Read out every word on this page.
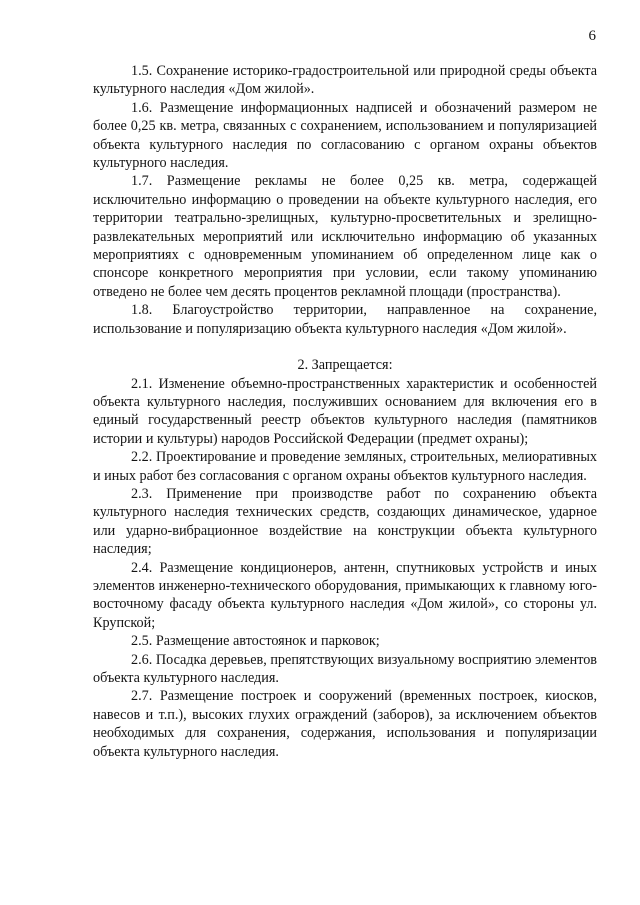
6

1.5. Сохранение историко-градостроительной или природной среды объекта культурного наследия «Дом жилой».

1.6. Размещение информационных надписей и обозначений размером не более 0,25 кв. метра, связанных с сохранением, использованием и популяризацией объекта культурного наследия по согласованию с органом охраны объектов культурного наследия.

1.7. Размещение рекламы не более 0,25 кв. метра, содержащей исключительно информацию о проведении на объекте культурного наследия, его территории театрально-зрелищных, культурно-просветительных и зрелищно-развлекательных мероприятий или исключительно информацию об указанных мероприятиях с одновременным упоминанием об определенном лице как о спонсоре конкретного мероприятия при условии, если такому упоминанию отведено не более чем десять процентов рекламной площади (пространства).

1.8. Благоустройство территории, направленное на сохранение, использование и популяризацию объекта культурного наследия «Дом жилой».

2. Запрещается:

2.1. Изменение объемно-пространственных характеристик и особенностей объекта культурного наследия, послуживших основанием для включения его в единый государственный реестр объектов культурного наследия (памятников истории и культуры) народов Российской Федерации (предмет охраны);

2.2. Проектирование и проведение земляных, строительных, мелиоративных и иных работ без согласования с органом охраны объектов культурного наследия.

2.3. Применение при производстве работ по сохранению объекта культурного наследия технических средств, создающих динамическое, ударное или ударно-вибрационное воздействие на конструкции объекта культурного наследия;

2.4. Размещение кондиционеров, антенн, спутниковых устройств и иных элементов инженерно-технического оборудования, примыкающих к главному юго-восточному фасаду объекта культурного наследия «Дом жилой», со стороны ул. Крупской;

2.5. Размещение автостоянок и парковок;

2.6. Посадка деревьев, препятствующих визуальному восприятию элементов объекта культурного наследия.

2.7. Размещение построек и сооружений (временных построек, киосков, навесов и т.п.), высоких глухих ограждений (заборов), за исключением объектов необходимых для сохранения, содержания, использования и популяризации объекта культурного наследия.
